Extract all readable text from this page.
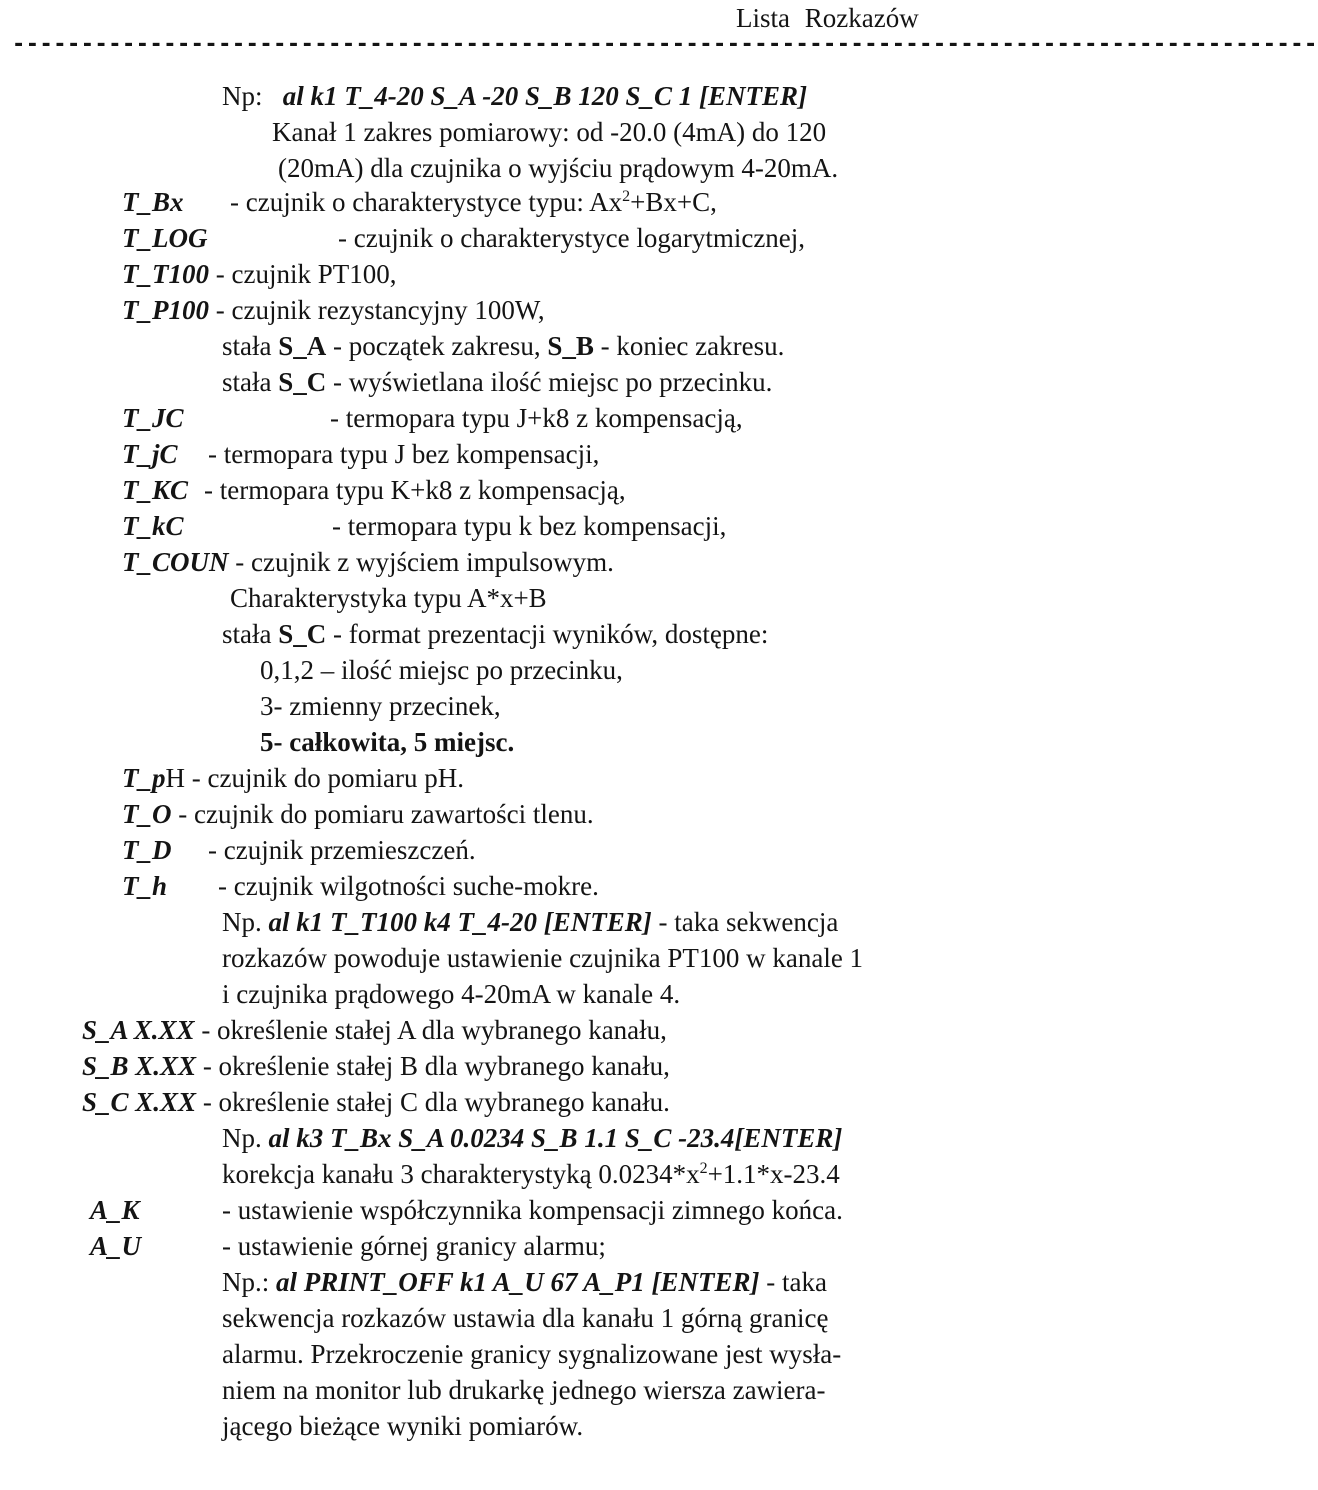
Lista Rozkazów
-----------------------------------------------------------------------------------------------
Np: al k1 T_4-20 S_A -20 S_B 120 S_C 1 [ENTER]
Kanał 1 zakres pomiarowy: od -20.0 (4mA) do 120
(20mA) dla czujnika o wyjściu prądowym 4-20mA.
T_Bx - czujnik o charakterystyce typu: $Ax^2+Bx+C$,
T_LOG	- czujnik o charakterystyce logarytmicznej,
T_T100 - czujnik PT100,
T_P100 - czujnik rezystancyjny 100W,
stała S_A - początek zakresu, S_B - koniec zakresu.
stała S_C - wyświetlana ilość miejsc po przecinku.
T_JC	- termopara typu J+k8 z kompensacją,
T_jC - termopara typu J bez kompensacji,
T_KC - termopara typu K+k8 z kompensacją,
T_kC	- termopara typu k bez kompensacji,
T_COUN - czujnik z wyjściem impulsowym.
Charakterystyka typu A*x+B
stała S_C - format prezentacji wyników, dostępne:
0,1,2 – ilość miejsc po przecinku,
3- zmienny przecinek,
5- całkowita, 5 miejsc.
T_pH - czujnik do pomiaru pH.
T_O - czujnik do pomiaru zawartości tlenu.
T_D - czujnik przemieszczeń.
T_h - czujnik wilgotności suche-mokre.
Np. al k1 T_T100 k4 T_4-20 [ENTER] - taka sekwencja
rozkazów powoduje ustawienie czujnika PT100 w kanale 1
i czujnika prądowego 4-20mA w kanale 4.
S_A X.XX - określenie stałej A dla wybranego kanału,
S_B X.XX - określenie stałej B dla wybranego kanału,
S_C X.XX - określenie stałej C dla wybranego kanału.
Np. al k3 T_Bx S_A 0.0234 S_B 1.1 S_C -23.4[ENTER]
korekcja kanału 3 charakterystyką $0.0234*x^2+1.1*x-23.4$
A_K	- ustawienie współczynnika kompensacji zimnego końca.
A_U	- ustawienie górnej granicy alarmu;
Np.: al PRINT_OFF k1 A_U 67 A_P1 [ENTER] - taka
sekwencja rozkazów ustawia dla kanału 1 górną granicę
alarmu. Przekroczenie granicy sygnalizowane jest wysła-
niem na monitor lub drukarkę jednego wiersza zawiera-
jącego bieżące wyniki pomiarów.
